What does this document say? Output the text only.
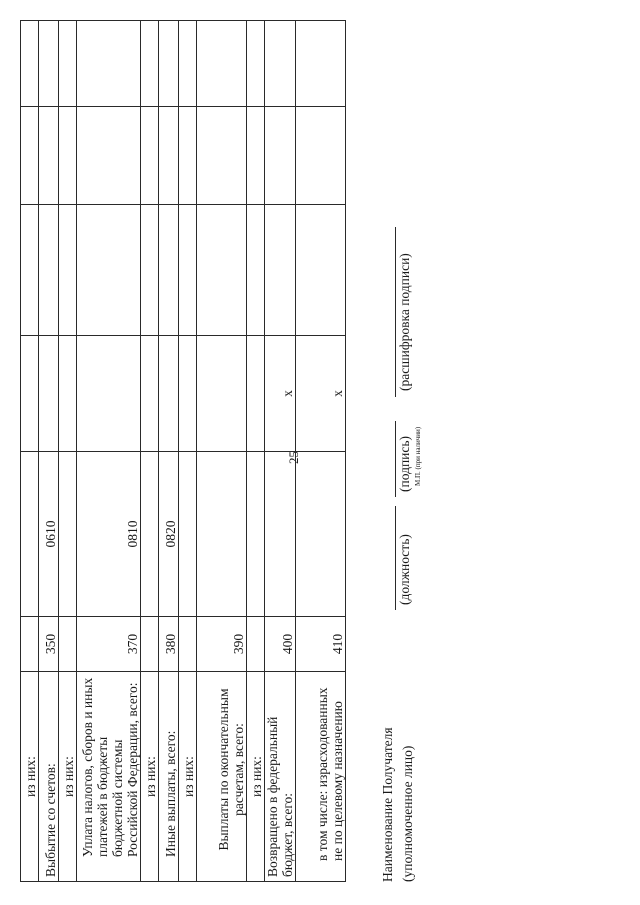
25
из них:						
Выбытие со счетов:	350	0610				
из них:						
Уплата налогов, сборов и иных платежей в бюджеты бюджетной системы Российской Федерации, всего:	370	0810				
из них:						
Иные выплаты, всего:	380	0820				
из них:						
Выплаты по окончательным расчетам, всего:	390					
из них:						
Возвращено в федеральный бюджет, всего:	400		x			
в том числе: израсходованных не по целевому назначению	410		x			
Наименование Получателя (уполномоченное лицо)
(должность)
(подпись) М.П. (при наличии)
(расшифровка подписи)
